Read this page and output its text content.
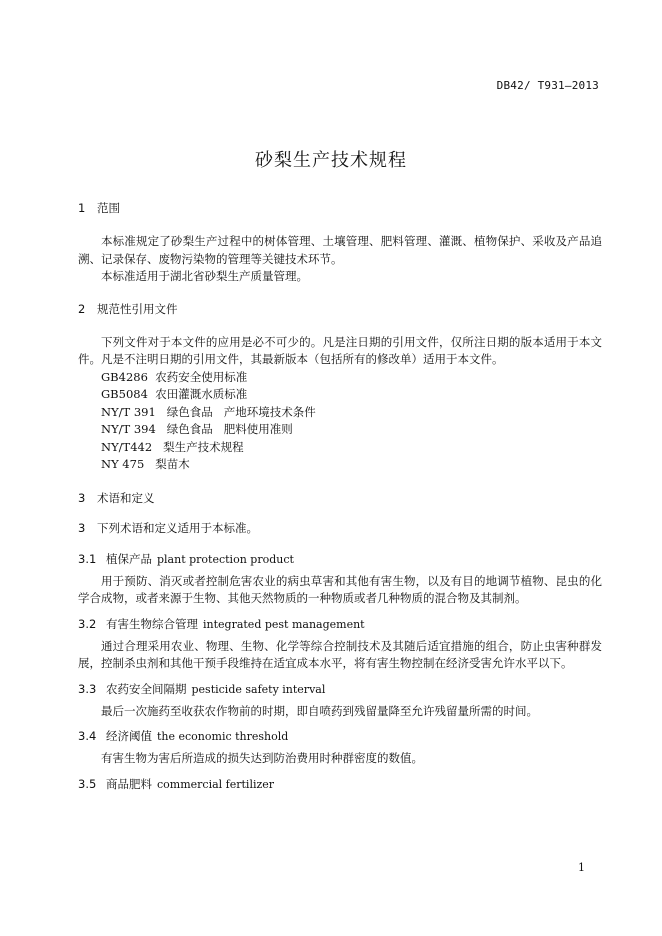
DB42/ T931—2013
砂梨生产技术规程
1	范围

本标准规定了砂梨生产过程中的树体管理、土壤管理、肥料管理、灌溉、植物保护、采收及产品追溯、记录保存、废物污染物的管理等关键技术环节。

本标准适用于湖北省砂梨生产质量管理。

2	规范性引用文件

下列文件对于本文件的应用是必不可少的。凡是注日期的引用文件，仅所注日期的版本适用于本文件。凡是不注明日期的引用文件，其最新版本（包括所有的修改单）适用于本文件。

GB4286  农药安全使用标准

GB5084  农田灌溉水质标准

NY/T 391   绿色食品   产地环境技术条件

NY/T 394   绿色食品   肥料使用准则

NY/T442   梨生产技术规程

NY 475   梨苗木

3	术语和定义
3	下列术语和定义适用于本标准。
3.1 植保产品 plant protection product

用于预防、消灭或者控制危害农业的病虫草害和其他有害生物，以及有目的地调节植物、昆虫的化学合成物，或者来源于生物、其他天然物质的一种物质或者几种物质的混合物及其制剂。

3.2 有害生物综合管理 integrated pest management

通过合理采用农业、物理、生物、化学等综合控制技术及其随后适宜措施的组合，防止虫害种群发展，控制杀虫剂和其他干预手段维持在适宜成本水平，将有害生物控制在经济受害允许水平以下。

3.3 农药安全间隔期 pesticide safety interval

最后一次施药至收获农作物前的时期，即自喷药到残留量降至允许残留量所需的时间。

3.4 经济阈值 the economic threshold

有害生物为害后所造成的损失达到防治费用时种群密度的数值。

3.5 商品肥料 commercial fertilizer
1
